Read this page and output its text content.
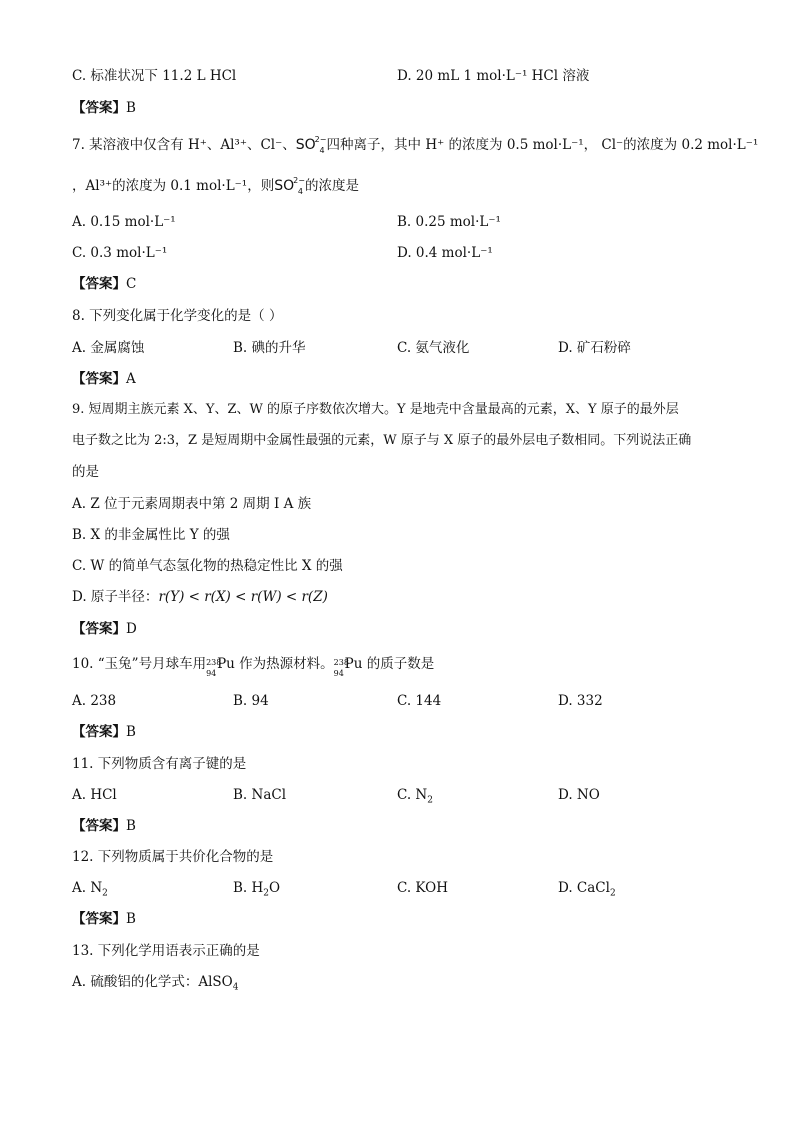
C. 标准状况下 11.2 L HCl	D. 20 mL 1 mol·L⁻¹ HCl 溶液
【答案】B
7. 某溶液中仅含有 H⁺、Al³⁺、Cl⁻、SO2−4 四种离子，其中 H⁺ 的浓度为 0.5 mol·L⁻¹， Cl⁻的浓度为 0.2 mol·L⁻¹
，Al³⁺的浓度为 0.1 mol·L⁻¹，则SO2−4 的浓度是
A. 0.15 mol·L⁻¹	B. 0.25 mol·L⁻¹
C. 0.3 mol·L⁻¹	D. 0.4 mol·L⁻¹
【答案】C
8. 下列变化属于化学变化的是（ ）
A. 金属腐蚀	B. 碘的升华	C. 氨气液化	D. 矿石粉碎
【答案】A
9. 短周期主族元素 X、Y、Z、W 的原子序数依次增大。Y 是地壳中含量最高的元素，X、Y 原子的最外层
电子数之比为 2:3，Z 是短周期中金属性最强的元素，W 原子与 X 原子的最外层电子数相同。下列说法正确
的是
A. Z 位于元素周期表中第 2 周期 I A 族
B. X 的非金属性比 Y 的强
C. W 的简单气态氢化物的热稳定性比 X 的强
D. 原子半径：r(Y) < r(X) < r(W) < r(Z)
【答案】D
10. “玉兔”号月球车用 238
94
Pu 作为热源材料。 238
94
Pu 的质子数是
A. 238	B. 94	C. 144	D. 332
【答案】B
11. 下列物质含有离子键的是
A. HCl	B. NaCl	C. $N_2$	D. NO
【答案】B
12. 下列物质属于共价化合物的是
A. $N_2$	B. $H_2O$	C. KOH	D. CaCl$_2$
【答案】B
13. 下列化学用语表示正确的是
A. 硫酸铝的化学式：AlSO$_4$
